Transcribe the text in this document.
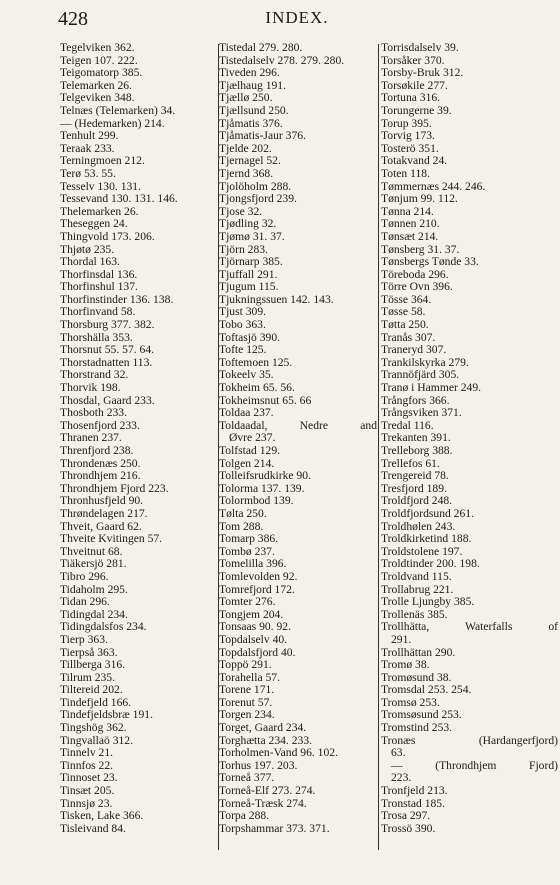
428	INDEX.
Tegelviken 362.
Teigen 107. 222.
Teigomatorp 385.
Telemarken 26.
Telgeviken 348.
Telnæs (Telemarken) 34.
— (Hedemarken) 214.
Tenhult 299.
Teraak 233.
Terningmoen 212.
Terø 53. 55.
Tesselv 130. 131.
Tessevand 130. 131. 146.
Thelemarken 26.
Theseggen 24.
Thingvold 173. 206.
Thjøtø 235.
Thordal 163.
Thorfinsdal 136.
Thorfinshul 137.
Thorfinstinder 136. 138.
Thorfinvand 58.
Thorsburg 377. 382.
Thorshälla 353.
Thorsnut 55. 57. 64.
Thorstadnatten 113.
Thorstrand 32.
Thorvik 198.
Thosdal, Gaard 233.
Thosboth 233.
Thosenfjord 233.
Thranen 237.
Threnfjord 238.
Throndenæs 250.
Throndhjem 216.
Throndhjem Fjord 223.
Thronhusfjeld 90.
Thrøndelagen 217.
Thveit, Gaard 62.
Thveite Kvitingen 57.
Thveitnut 68.
Tiäkersjö 281.
Tibro 296.
Tidaholm 295.
Tidan 296.
Tidingdal 234.
Tidingdalsfos 234.
Tierp 363.
Tierpså 363.
Tillberga 316.
Tilrum 235.
Tiltereid 202.
Tindefjeld 166.
Tindefjeldsbræ 191.
Tingshög 362.
Tingvallaö 312.
Tinnelv 21.
Tinnfos 22.
Tinnoset 23.
Tinsæt 205.
Tinnsjø 23.
Tisken, Lake 366.
Tisleivand 84.
Tistedal 279. 280.
Tistedalselv 278. 279. 280.
Tiveden 296.
Tjælhaug 191.
Tjællø 250.
Tjællsund 250.
Tjåmatis 376.
Tjåmatis-Jaur 376.
Tjelde 202.
Tjernagel 52.
Tjernd 368.
Tjolöholm 288.
Tjongsfjord 239.
Tjose 32.
Tjødling 32.
Tjømø 31. 37.
Tjörn 283.
Tjörnarp 385.
Tjuffall 291.
Tjugum 115.
Tjukningssuen 142. 143.
Tjust 309.
Tobo 363.
Toftasjö 390.
Tofte 125.
Toftemoen 125.
Tokeelv 35.
Tokheim 65. 56.
Tokheimsnut 65. 66
Toldaa 237.
Toldaadal, Nedre and
Øvre 237.
Tolfstad 129.
Tolgen 214.
Tolleifsrudkirke 90.
Tolorma 137. 139.
Tolormbod 139.
Tølta 250.
Tom 288.
Tomarp 386.
Tombø 237.
Tomelilla 396.
Tomlevolden 92.
Tomrefjord 172.
Tomter 276.
Tongjem 204.
Tonsaas 90. 92.
Topdalselv 40.
Topdalsfjord 40.
Toppö 291.
Torahella 57.
Torene 171.
Torenut 57.
Torgen 234.
Torget, Gaard 234.
Torghætta 234. 233.
Torholmen-Vand 96. 102.
Torhus 197. 203.
Torneå 377.
Torneå-Elf 273. 274.
Torneå-Træsk 274.
Torpa 288.
Torpshammar 373. 371.
Torrisdalselv 39.
Torsåker 370.
Torsby-Bruk 312.
Torsøkile 277.
Tortuna 316.
Torungerne 39.
Torup 395.
Torvig 173.
Tosterö 351.
Totakvand 24.
Toten 118.
Tømmernæs 244. 246.
Tønjum 99. 112.
Tønna 214.
Tønnen 210.
Tønsæt 214.
Tønsberg 31. 37.
Tønsbergs Tønde 33.
Töreboda 296.
Törre Ovn 396.
Tösse 364.
Tøsse 58.
Tøtta 250.
Tranås 307.
Traneryd 307.
Trankilskyrka 279.
Trannöfjärd 305.
Tranø i Hammer 249.
Trångfors 366.
Trångsviken 371.
Tredal 116.
Trekanten 391.
Trelleborg 388.
Trellefos 61.
Trengereid 78.
Tresfjord 189.
Troldfjord 248.
Troldfjordsund 261.
Troldhølen 243.
Troldkirketind 188.
Troldstolene 197.
Troldtinder 200. 198.
Troldvand 115.
Trollabrug 221.
Trolle Ljungby 385.
Trollenäs 385.
Trollhätta, Waterfalls of
291.
Trollhättan 290.
Tromø 38.
Tromøsund 38.
Tromsdal 253. 254.
Tromsø 253.
Tromsøsund 253.
Tromstind 253.
Tronæs (Hardangerfjord)
63.
— (Throndhjem Fjord)
223.
Tronfjeld 213.
Tronstad 185.
Trosa 297.
Trossö 390.
